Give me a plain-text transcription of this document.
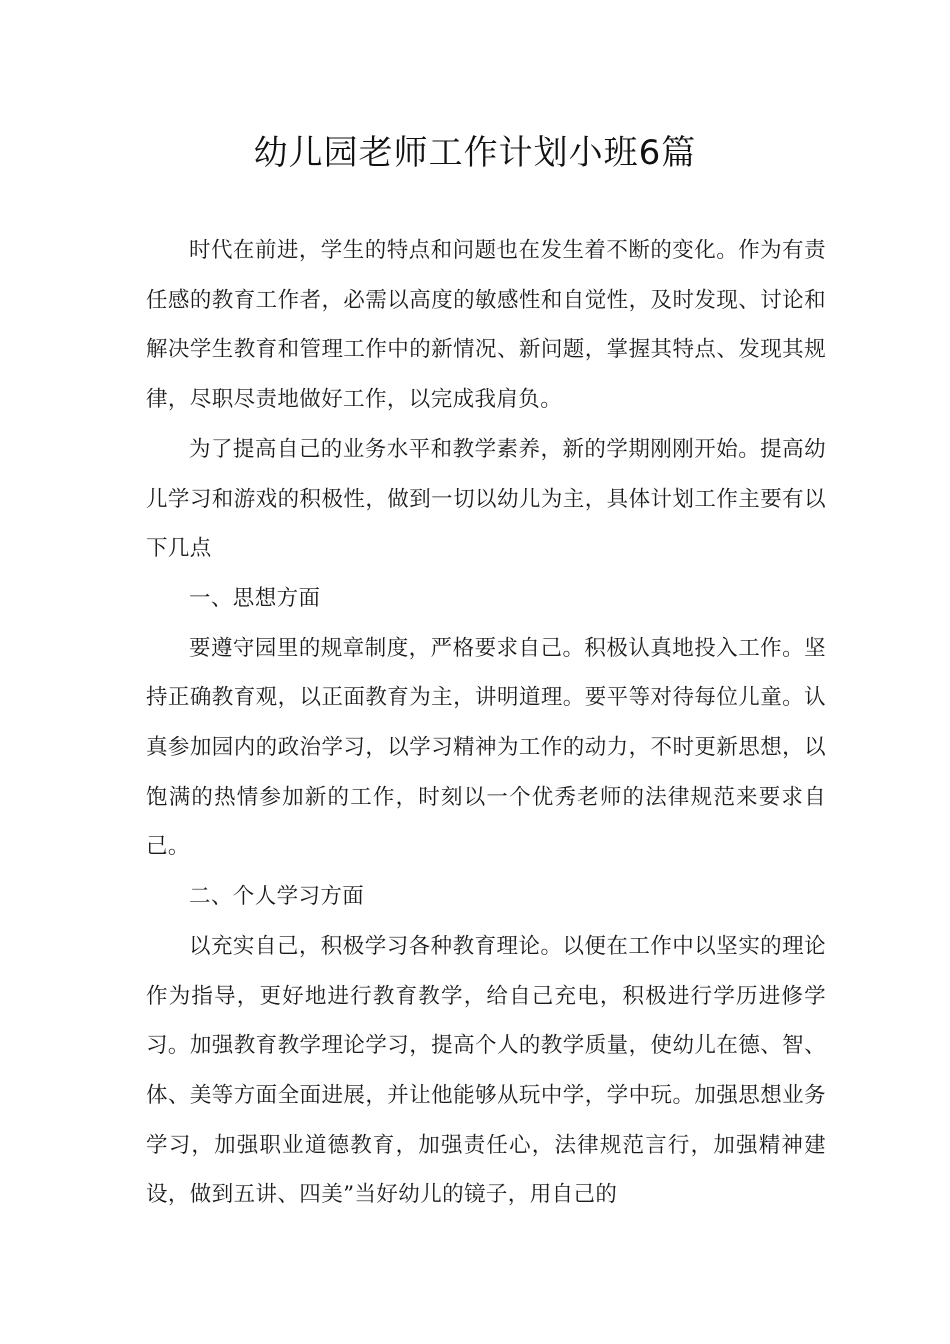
幼儿园老师工作计划小班6篇

时代在前进，学生的特点和问题也在发生着不断的变化。作为有责任感的教育工作者，必需以高度的敏感性和自觉性，及时发现、讨论和解决学生教育和管理工作中的新情况、新问题，掌握其特点、发现其规律，尽职尽责地做好工作，以完成我肩负。

为了提高自己的业务水平和教学素养，新的学期刚刚开始。提高幼儿学习和游戏的积极性，做到一切以幼儿为主，具体计划工作主要有以下几点

一、思想方面

要遵守园里的规章制度，严格要求自己。积极认真地投入工作。坚持正确教育观，以正面教育为主，讲明道理。要平等对待每位儿童。认真参加园内的政治学习，以学习精神为工作的动力，不时更新思想，以饱满的热情参加新的工作，时刻以一个优秀老师的法律规范来要求自己。

二、个人学习方面

以充实自己，积极学习各种教育理论。以便在工作中以坚实的理论作为指导，更好地进行教育教学，给自己充电，积极进行学历进修学习。加强教育教学理论学习，提高个人的教学质量，使幼儿在德、智、体、美等方面全面进展，并让他能够从玩中学，学中玩。加强思想业务学习，加强职业道德教育，加强责任心，法律规范言行，加强精神建设，做到五讲、四美”当好幼儿的镜子，用自己的
